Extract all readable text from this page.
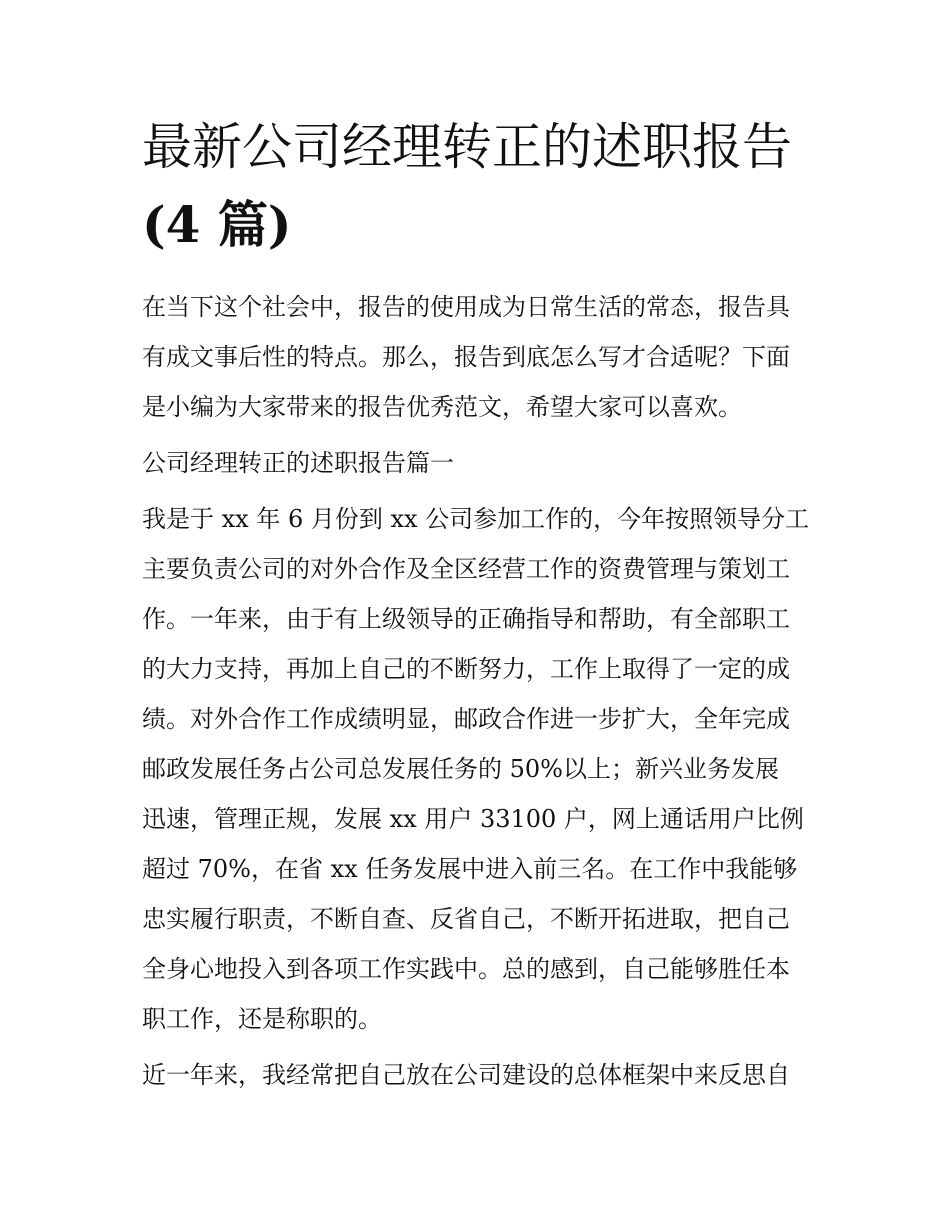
最新公司经理转正的述职报告
(4 篇)

在当下这个社会中，报告的使用成为日常生活的常态，报告具
有成文事后性的特点。那么，报告到底怎么写才合适呢？下面
是小编为大家带来的报告优秀范文，希望大家可以喜欢。

公司经理转正的述职报告篇一

我是于 xx 年 6 月份到 xx 公司参加工作的，今年按照领导分工
主要负责公司的对外合作及全区经营工作的资费管理与策划工
作。一年来，由于有上级领导的正确指导和帮助，有全部职工
的大力支持，再加上自己的不断努力，工作上取得了一定的成
绩。对外合作工作成绩明显，邮政合作进一步扩大，全年完成
邮政发展任务占公司总发展任务的 50%以上；新兴业务发展
迅速，管理正规，发展 xx 用户 33100 户，网上通话用户比例
超过 70%，在省 xx 任务发展中进入前三名。在工作中我能够
忠实履行职责，不断自查、反省自己，不断开拓进取，把自己
全身心地投入到各项工作实践中。总的感到，自己能够胜任本
职工作，还是称职的。

近一年来，我经常把自己放在公司建设的总体框架中来反思自
